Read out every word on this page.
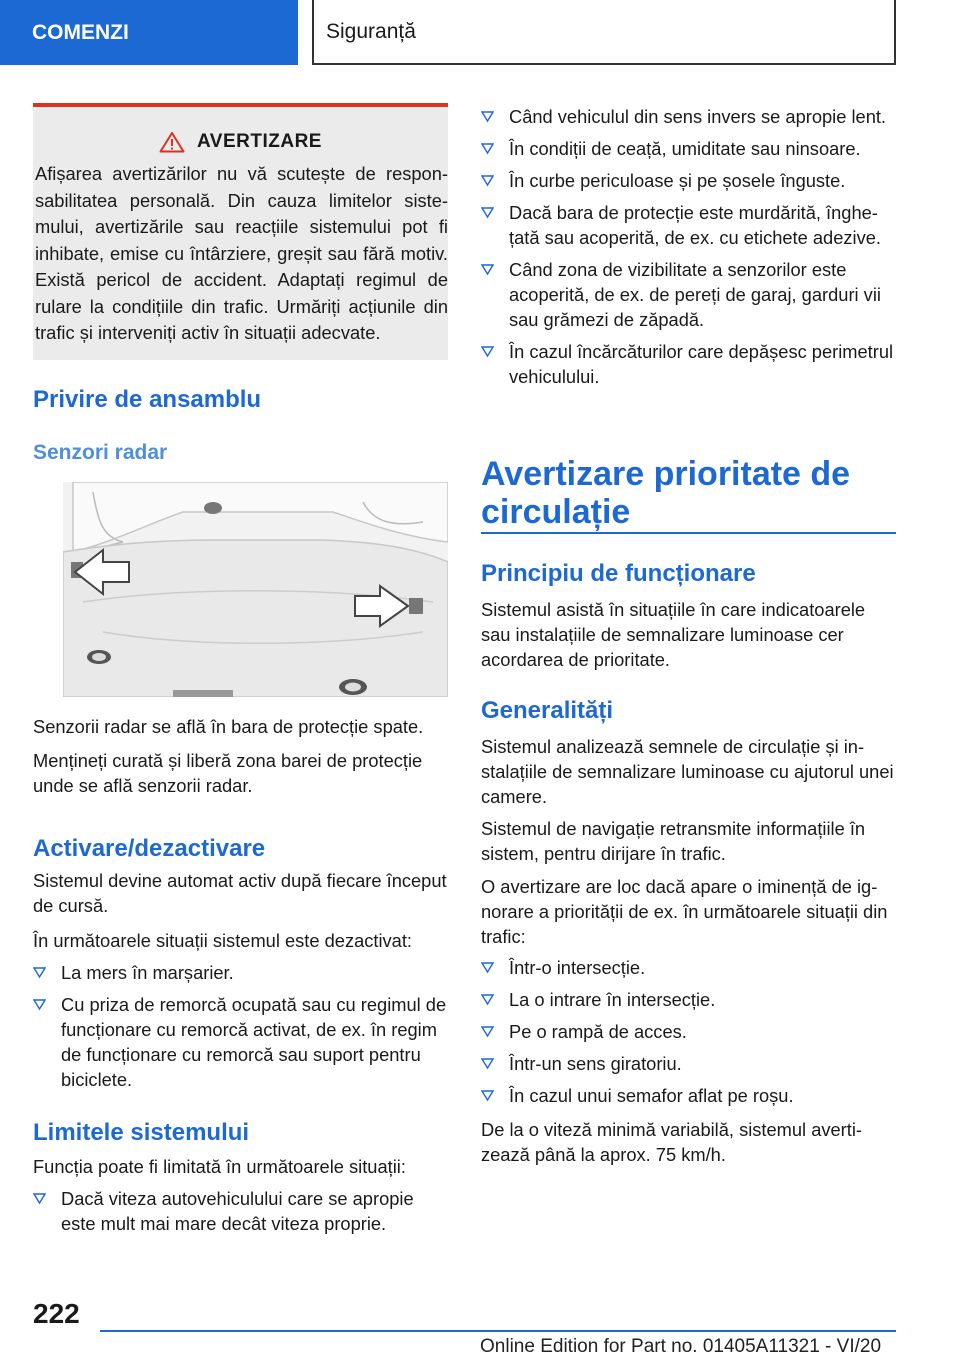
COMENZI	Siguranță
AVERTIZARE
Afișarea avertizărilor nu vă scutește de responsabilitatea personală. Din cauza limitelor sistemului, avertizările sau reacțiile sistemului pot fi inhibate, emise cu întârziere, greșit sau fără motiv. Există pericol de accident. Adaptați regimul de rulare la condițiile din trafic. Urmăriți acțiunile din trafic și interveniți activ în situații adecvate.
Privire de ansamblu
Senzori radar

Senzorii radar se află în bara de protecție spate.

Mențineți curată și liberă zona barei de protecție unde se află senzorii radar.

Activare/dezactivare

Sistemul devine automat activ după fiecare început de cursă.

În următoarele situații sistemul este dezactivat:

La mers în marșarier.
Cu priza de remorcă ocupată sau cu regimul de funcționare cu remorcă activat, de ex. în regim de funcționare cu remorcă sau suport pentru biciclete.
Limitele sistemului

Funcția poate fi limitată în următoarele situații:

Dacă viteza autovehiculului care se apropie este mult mai mare decât viteza proprie.
Când vehiculul din sens invers se apropie lent.
În condiții de ceață, umiditate sau ninsoare.
În curbe periculoase și pe șosele înguste.
Dacă bara de protecție este murdărită, înghețată sau acoperită, de ex. cu etichete adezive.
Când zona de vizibilitate a senzorilor este acoperită, de ex. de pereți de garaj, garduri vii sau grămezi de zăpadă.
În cazul încărcăturilor care depășesc perimetrul vehiculului.
Avertizare prioritate de circulație
Principiu de funcționare

Sistemul asistă în situațiile în care indicatoarele sau instalațiile de semnalizare luminoase cer acordarea de prioritate.

Generalități

Sistemul analizează semnele de circulație și instalațiile de semnalizare luminoase cu ajutorul unei camere.

Sistemul de navigație retransmite informațiile în sistem, pentru dirijare în trafic.

O avertizare are loc dacă apare o iminență de ignorare a priorității de ex. în următoarele situații din trafic:

Într-o intersecție.
La o intrare în intersecție.
Pe o rampă de acces.
Într-un sens giratoriu.
În cazul unui semafor aflat pe roșu.

De la o viteză minimă variabilă, sistemul avertizează până la aprox. 75 km/h.

222
Online Edition for Part no. 01405A11321 - VI/20
